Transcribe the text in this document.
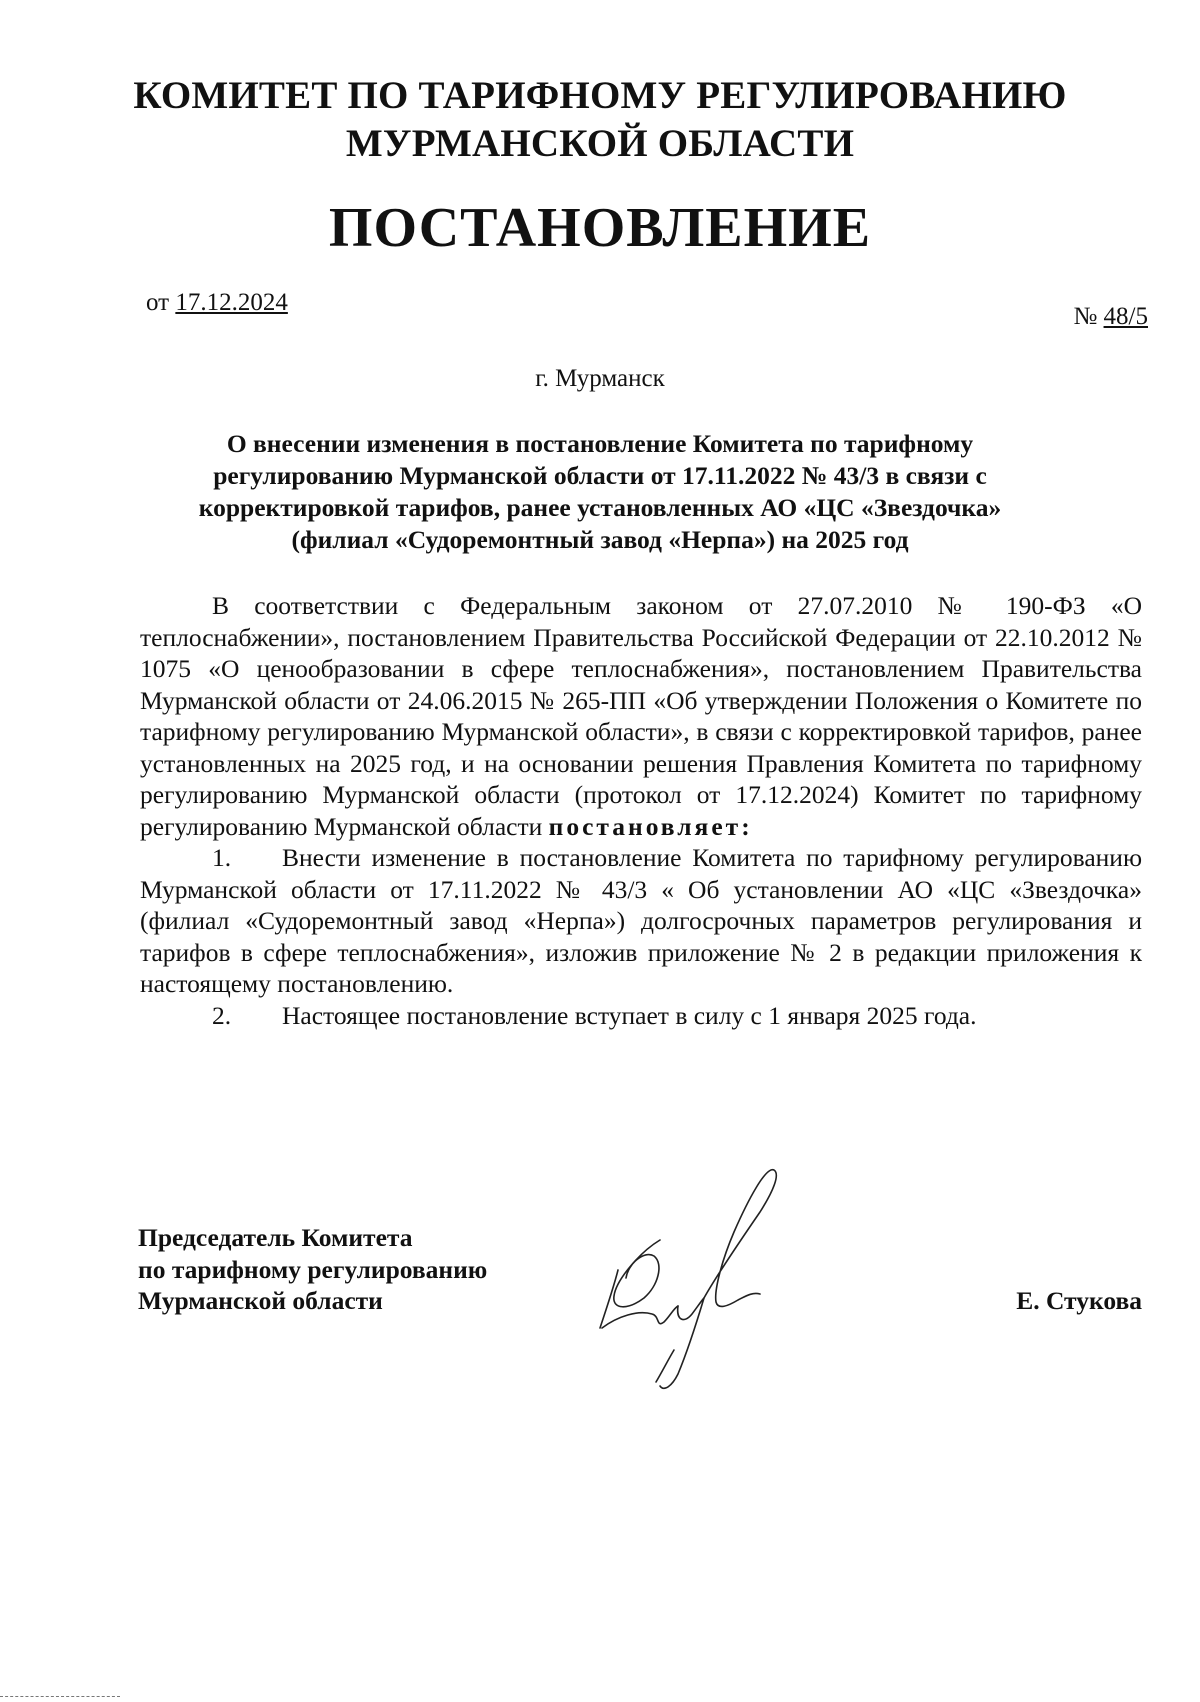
КОМИТЕТ ПО ТАРИФНОМУ РЕГУЛИРОВАНИЮ
МУРМАНСКОЙ ОБЛАСТИ
ПОСТАНОВЛЕНИЕ
от 17.12.2024
№ 48/5
г. Мурманск
О внесении изменения в постановление Комитета по тарифному
регулированию Мурманской области от 17.11.2022 № 43/3 в связи с
корректировкой тарифов, ранее установленных АО «ЦС «Звездочка»
(филиал «Судоремонтный завод «Нерпа») на 2025 год

В соответствии с Федеральным законом от 27.07.2010 № 190-ФЗ «О теплоснабжении», постановлением Правительства Российской Федерации от 22.10.2012 № 1075 «О ценообразовании в сфере теплоснабжения», постановлением Правительства Мурманской области от 24.06.2015 № 265-ПП «Об утверждении Положения о Комитете по тарифному регулированию Мурманской области», в связи с корректировкой тарифов, ранее установленных на 2025 год, и на основании решения Правления Комитета по тарифному регулированию Мурманской области (протокол от 17.12.2024) Комитет по тарифному регулированию Мурманской области постановляет:

1. Внести изменение в постановление Комитета по тарифному регулированию Мурманской области от 17.11.2022 № 43/3 « Об установлении АО «ЦС «Звездочка» (филиал «Судоремонтный завод «Нерпа») долгосрочных параметров регулирования и тарифов в сфере теплоснабжения», изложив приложение № 2 в редакции приложения к настоящему постановлению.

2. Настоящее постановление вступает в силу с 1 января 2025 года.

Председатель Комитета
по тарифному регулированию
Мурманской области	Е. Стукова
